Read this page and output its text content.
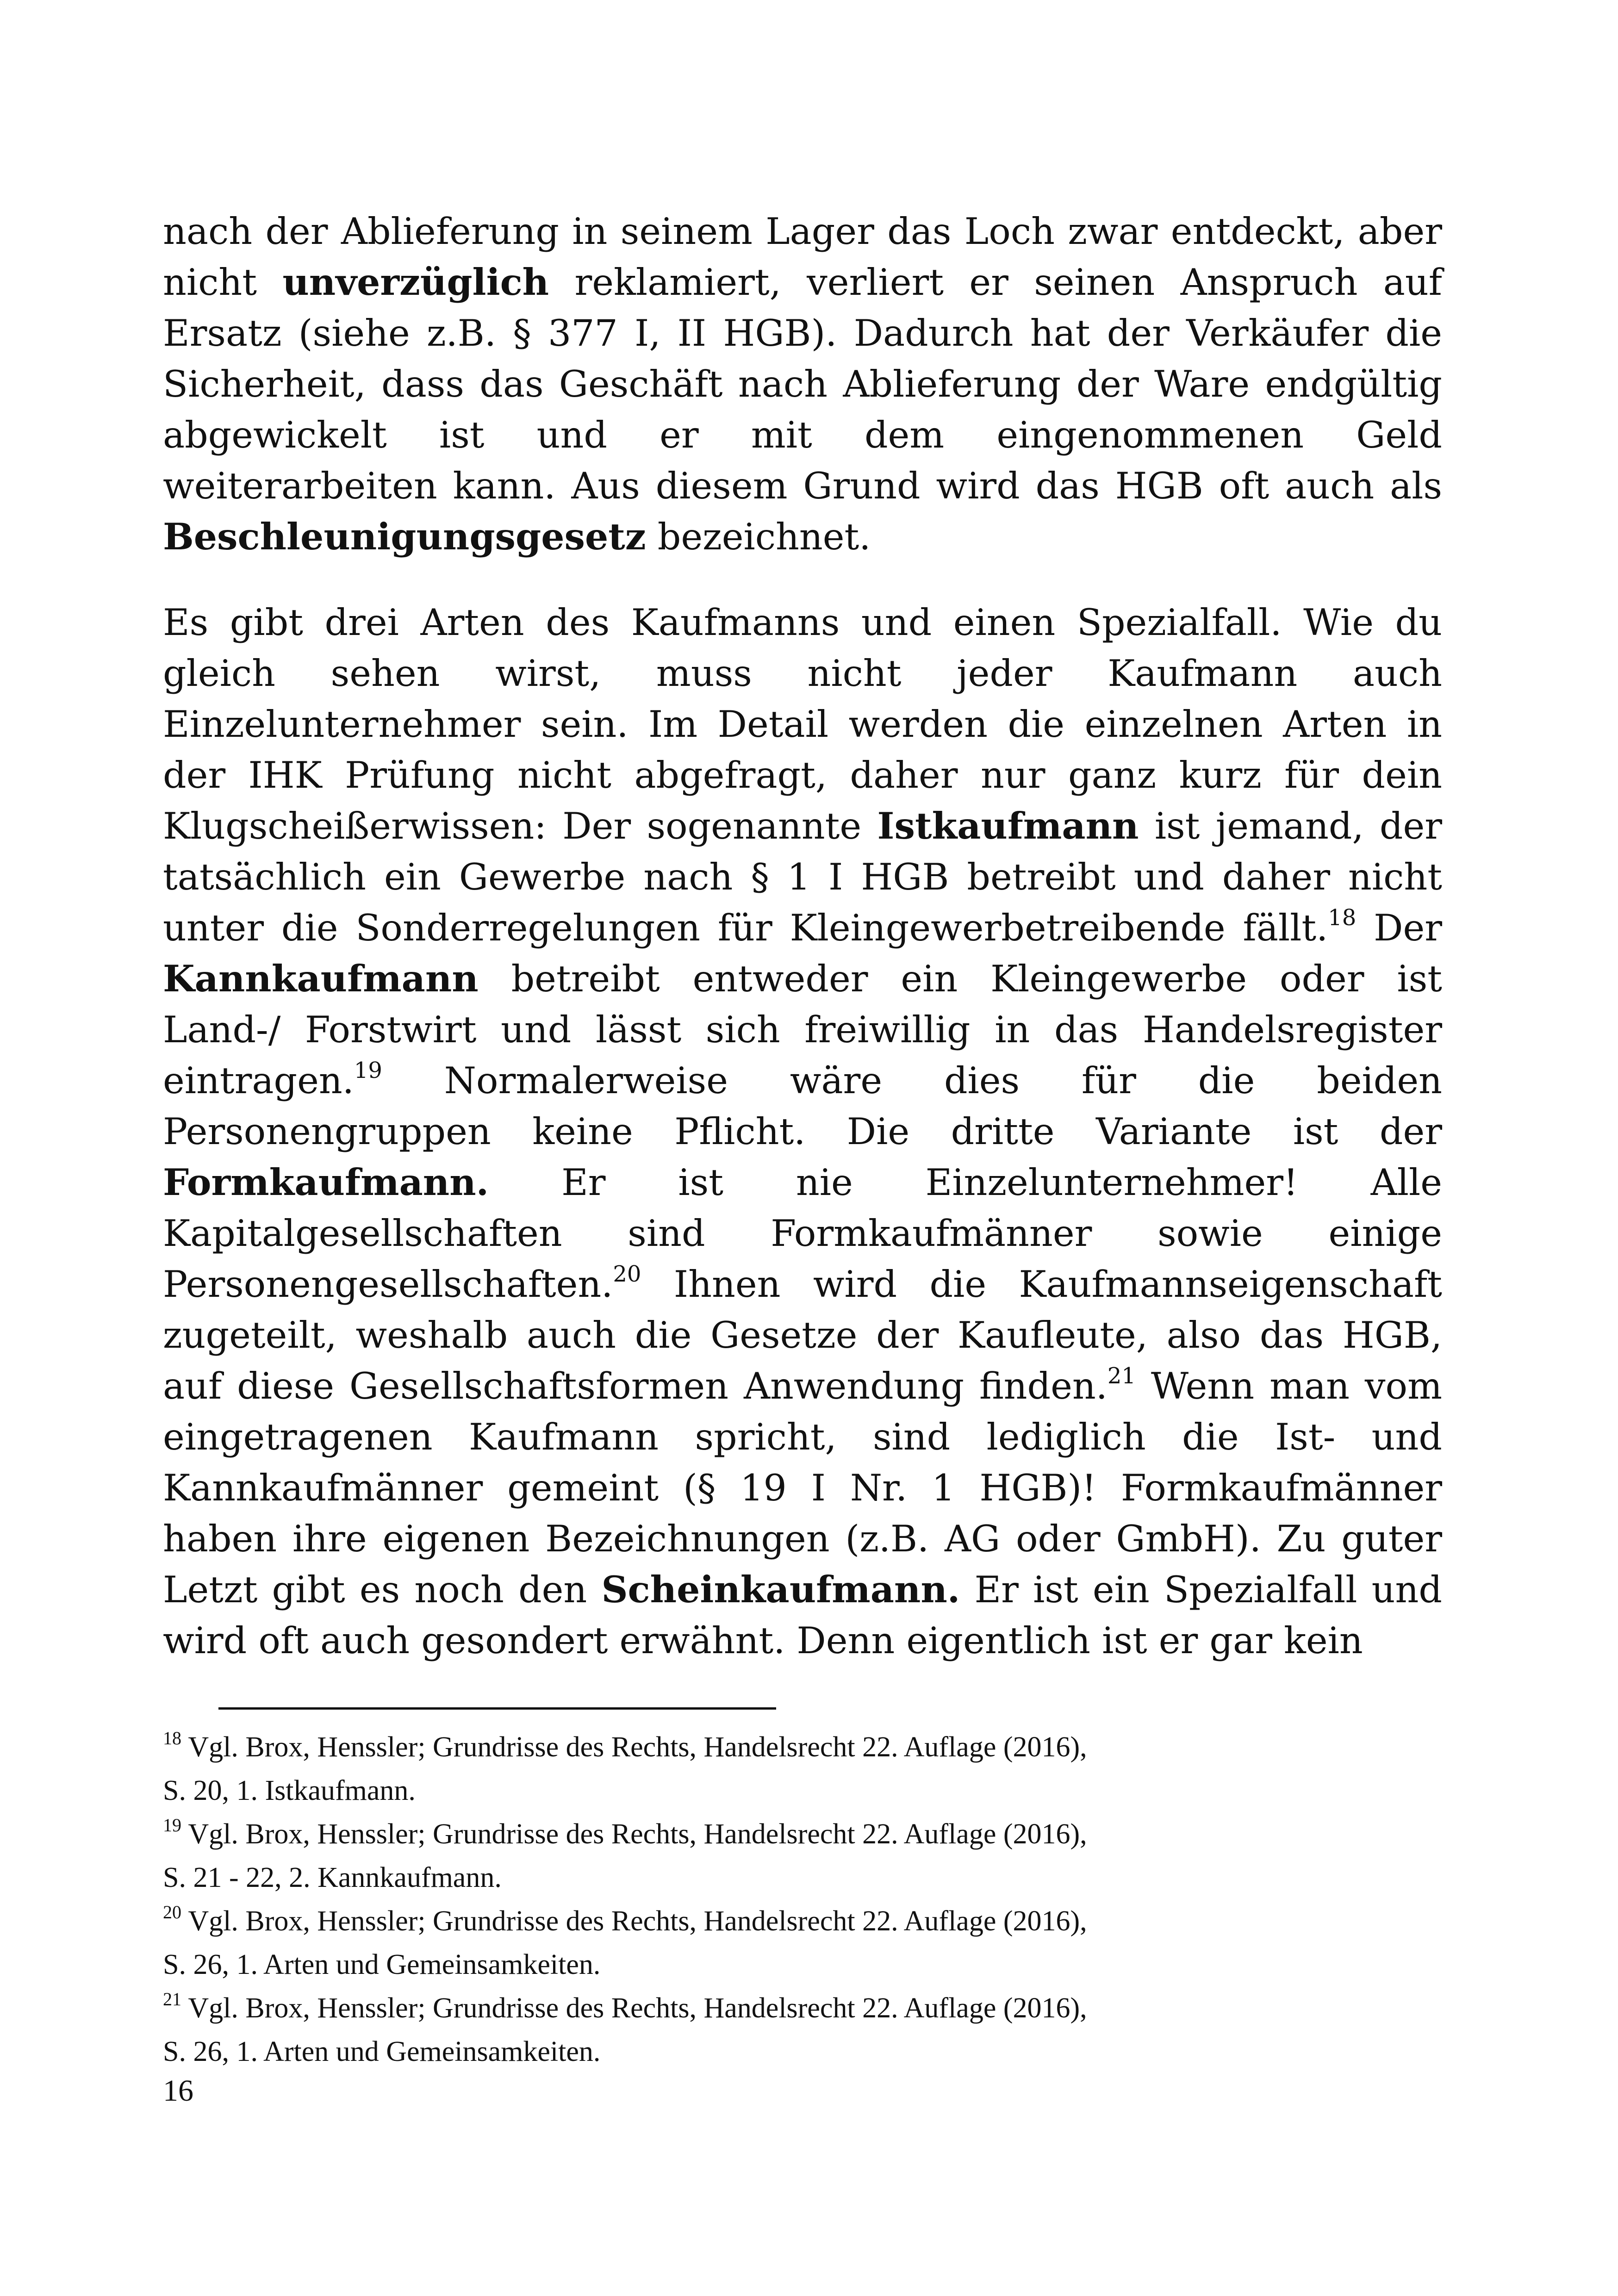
nach der Ablieferung in seinem Lager das Loch zwar entdeckt, aber nicht unverzüglich reklamiert, verliert er seinen Anspruch auf Ersatz (siehe z.B. § 377 I, II HGB). Dadurch hat der Verkäufer die Sicherheit, dass das Geschäft nach Ablieferung der Ware endgültig abgewickelt ist und er mit dem eingenommenen Geld weiterarbeiten kann. Aus diesem Grund wird das HGB oft auch als Beschleunigungsgesetz bezeichnet.

Es gibt drei Arten des Kaufmanns und einen Spezialfall. Wie du gleich sehen wirst, muss nicht jeder Kaufmann auch Einzelunternehmer sein. Im Detail werden die einzelnen Arten in der IHK Prüfung nicht abgefragt, daher nur ganz kurz für dein Klugscheißerwissen: Der sogenannte Istkaufmann ist jemand, der tatsächlich ein Gewerbe nach § 1 I HGB betreibt und daher nicht unter die Sonderregelungen für Kleingewerbetreibende fällt.$^{18}$ Der Kannkaufmann betreibt entweder ein Kleingewerbe oder ist Land-/ Forstwirt und lässt sich freiwillig in das Handelsregister eintragen.$^{19}$ Normalerweise wäre dies für die beiden Personengruppen keine Pflicht. Die dritte Variante ist der Formkaufmann. Er ist nie Einzelunternehmer! Alle Kapitalgesellschaften sind Formkaufmänner sowie einige Personengesellschaften.$^{20}$ Ihnen wird die Kaufmannseigenschaft zugeteilt, weshalb auch die Gesetze der Kaufleute, also das HGB, auf diese Gesellschaftsformen Anwendung finden.$^{21}$ Wenn man vom eingetragenen Kaufmann spricht, sind lediglich die Ist- und Kannkaufmänner gemeint (§ 19 I Nr. 1 HGB)! Formkaufmänner haben ihre eigenen Bezeichnungen (z.B. AG oder GmbH). Zu guter Letzt gibt es noch den Scheinkaufmann. Er ist ein Spezialfall und wird oft auch gesondert erwähnt. Denn eigentlich ist er gar kein

$^{18}$ Vgl. Brox, Henssler; Grundrisse des Rechts, Handelsrecht 22. Auflage (2016),
S. 20, 1. Istkaufmann.

$^{19}$ Vgl. Brox, Henssler; Grundrisse des Rechts, Handelsrecht 22. Auflage (2016),
S. 21 - 22, 2. Kannkaufmann.

$^{20}$ Vgl. Brox, Henssler; Grundrisse des Rechts, Handelsrecht 22. Auflage (2016),
S. 26, 1. Arten und Gemeinsamkeiten.

$^{21}$ Vgl. Brox, Henssler; Grundrisse des Rechts, Handelsrecht 22. Auflage (2016),
S. 26, 1. Arten und Gemeinsamkeiten.

16
